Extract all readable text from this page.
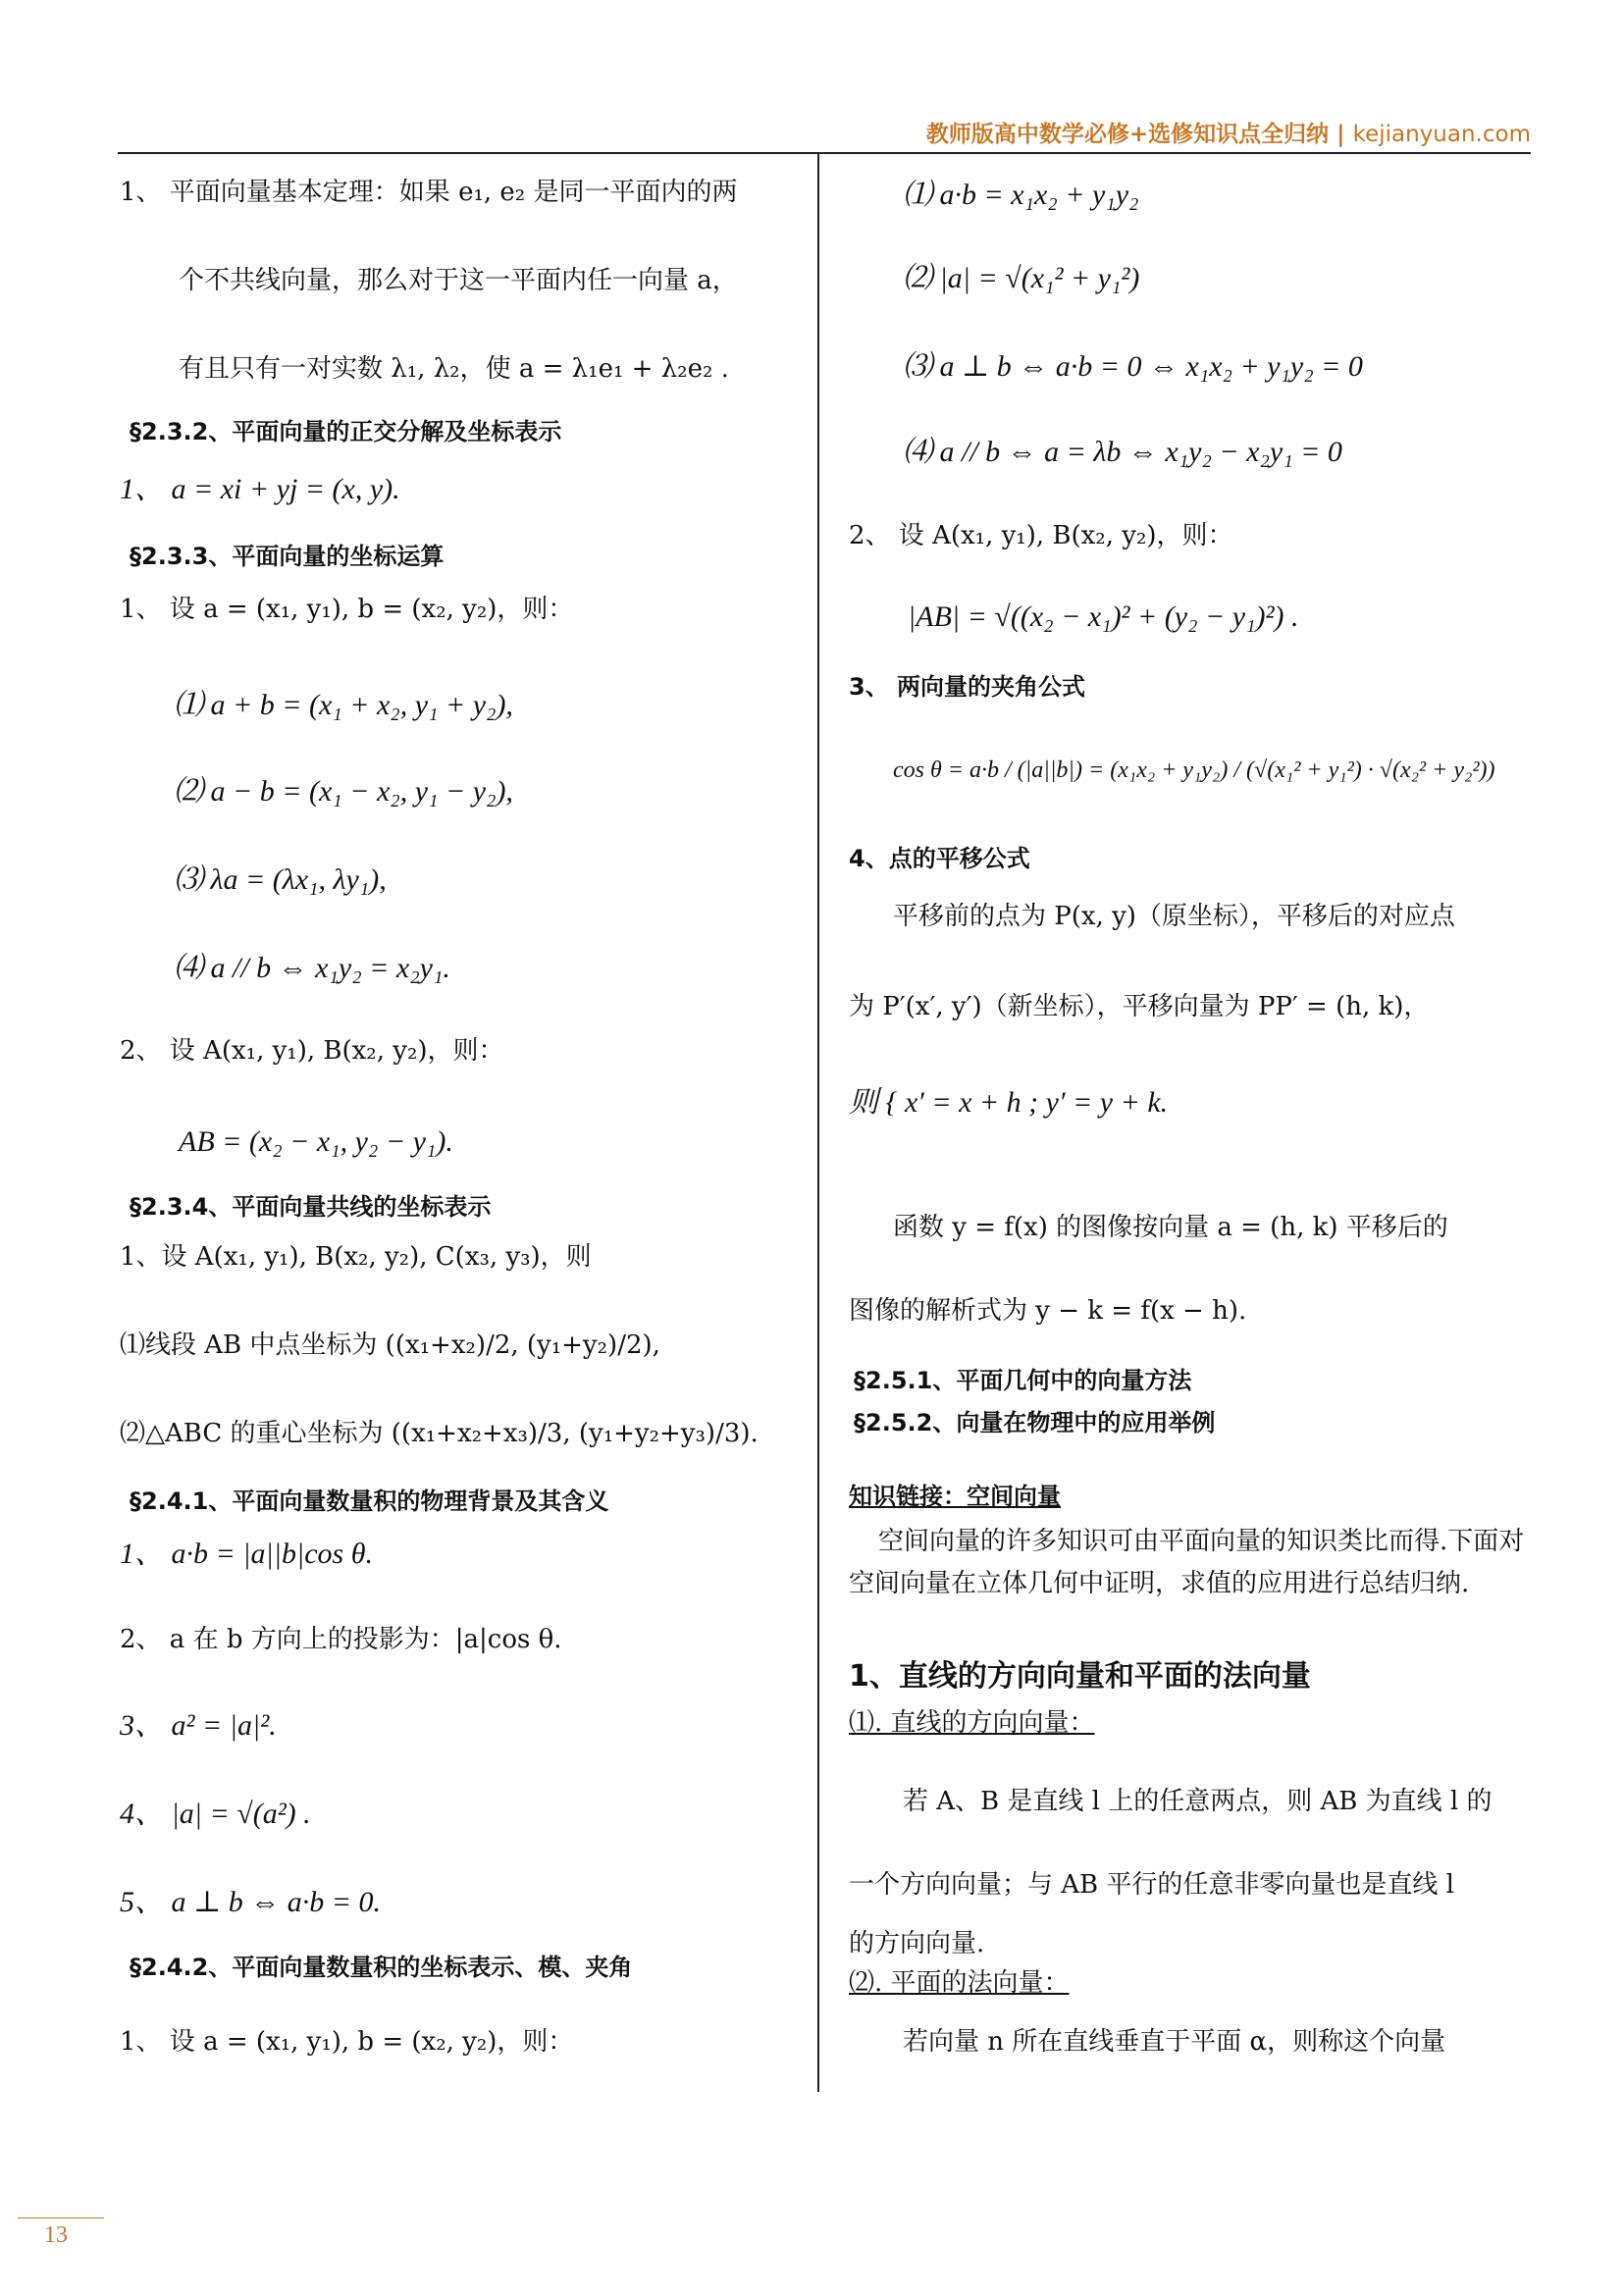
教师版高中数学必修+选修知识点全归纳 | kejianyuan.com
1、 平面向量基本定理：如果 e₁, e₂ 是同一平面内的两
个不共线向量，那么对于这一平面内任一向量 a，
有且只有一对实数 λ₁, λ₂，使 a = λ₁e₁ + λ₂e₂ .
§2.3.2、平面向量的正交分解及坐标表示
1、 a = xi + yj = (x, y).
§2.3.3、平面向量的坐标运算
1、 设 a = (x₁, y₁), b = (x₂, y₂)，则：
⑴ a + b = (x₁ + x₂, y₁ + y₂),
⑵ a − b = (x₁ − x₂, y₁ − y₂),
⑶ λa = (λx₁, λy₁),
⑷ a // b ⇔ x₁y₂ = x₂y₁.
2、 设 A(x₁, y₁), B(x₂, y₂)，则：
AB = (x₂ − x₁, y₂ − y₁).
§2.3.4、平面向量共线的坐标表示
1、设 A(x₁, y₁), B(x₂, y₂), C(x₃, y₃)，则
⑴线段 AB 中点坐标为 ((x₁+x₂)/2, (y₁+y₂)/2),
⑵△ABC 的重心坐标为 ((x₁+x₂+x₃)/3, (y₁+y₂+y₃)/3).
§2.4.1、平面向量数量积的物理背景及其含义
1、 a·b = |a||b|cos θ.
2、 a 在 b 方向上的投影为：|a|cos θ.
3、 a² = |a|².
4、 |a| = √(a²) .
5、 a ⊥ b ⇔ a·b = 0.
§2.4.2、平面向量数量积的坐标表示、模、夹角
1、 设 a = (x₁, y₁), b = (x₂, y₂)，则：
⑴ a·b = x₁x₂ + y₁y₂
⑵ |a| = √(x₁² + y₁²)
⑶ a ⊥ b ⇔ a·b = 0 ⇔ x₁x₂ + y₁y₂ = 0
⑷ a // b ⇔ a = λb ⇔ x₁y₂ − x₂y₁ = 0
2、 设 A(x₁, y₁), B(x₂, y₂)，则：
|AB| = √((x₂ − x₁)² + (y₂ − y₁)²) .
3、 两向量的夹角公式
cos θ = a·b / (|a||b|) = (x₁x₂ + y₁y₂) / (√(x₁² + y₁²) · √(x₂² + y₂²))
4、点的平移公式
平移前的点为 P(x, y)（原坐标），平移后的对应点
为 P′(x′, y′)（新坐标），平移向量为 PP′ = (h, k)，
则 { x′ = x + h ; y′ = y + k.
函数 y = f(x) 的图像按向量 a = (h, k) 平移后的
图像的解析式为 y − k = f(x − h).
§2.5.1、平面几何中的向量方法
§2.5.2、向量在物理中的应用举例
知识链接：空间向量
空间向量的许多知识可由平面向量的知识类比而得.下面对空间向量在立体几何中证明，求值的应用进行总结归纳.
1、直线的方向向量和平面的法向量
⑴. 直线的方向向量：
若 A、B 是直线 l 上的任意两点，则 AB 为直线 l 的
一个方向向量；与 AB 平行的任意非零向量也是直线 l
的方向向量.
⑵. 平面的法向量：
若向量 n 所在直线垂直于平面 α，则称这个向量
13
